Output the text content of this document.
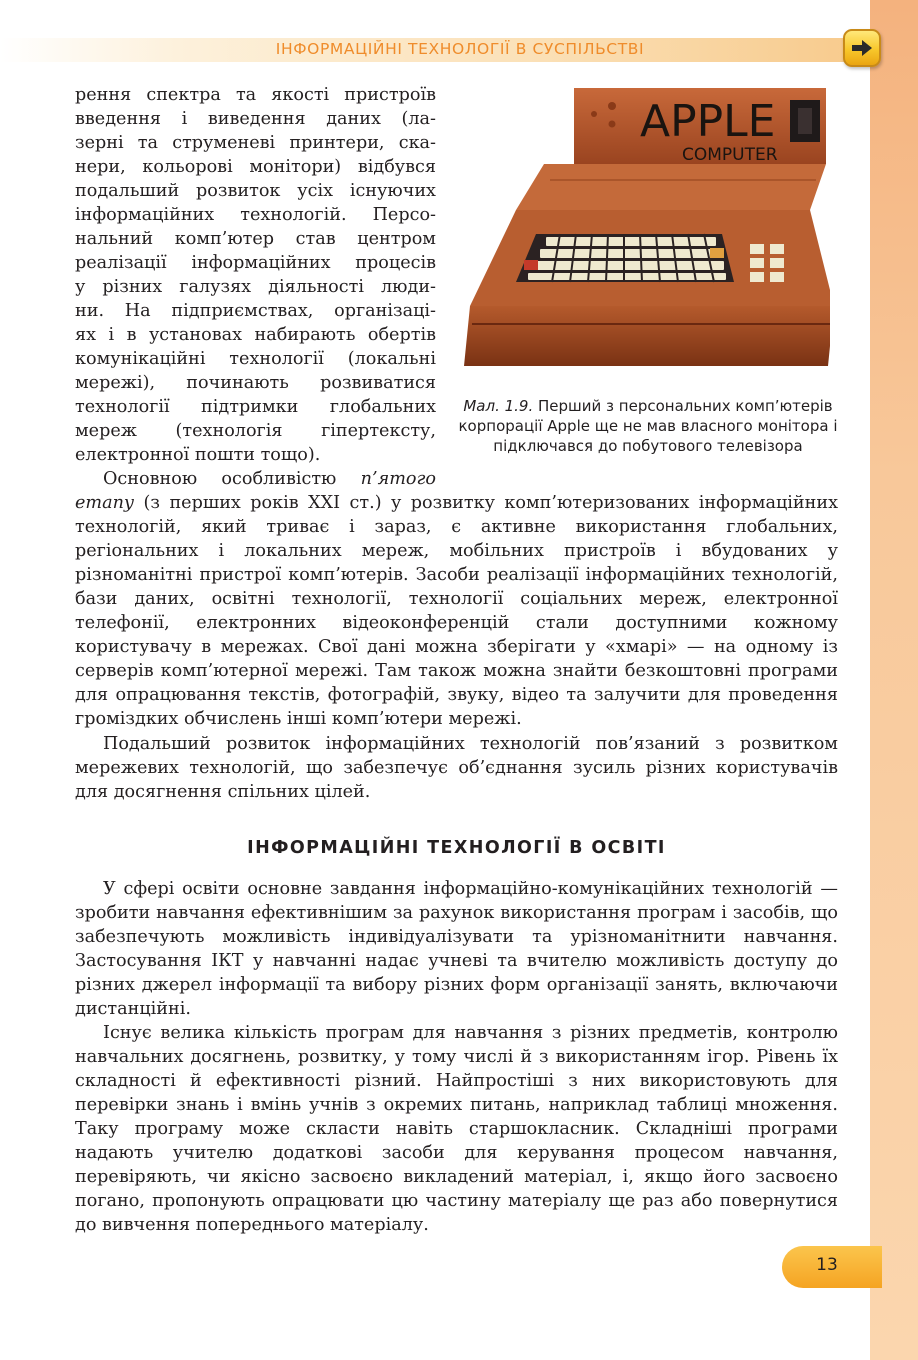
ІНФОРМАЦІЙНІ ТЕХНОЛОГІЇ В СУСПІЛЬСТВІ
рення спектра та якості пристроїв
введення і виведення даних (ла-
зерні та струменеві принтери, ска-
нери, кольорові монітори) відбувся
подальший розвиток усіх існуючих
інформаційних технологій. Персо-
нальний комп’ютер став центром
реалізації інформаційних процесів
у різних галузях діяльності люди-
ни. На підприємствах, організаці-
ях і в установах набирають обертів
комунікаційні технології (локальні
мережі), починають розвиватися
технології підтримки глобальних
мереж (технологія гіпертексту,
електронної пошти тощо).
Основною особливістю п’ятого

етапу (з перших років XXI ст.) у розвитку комп’ютеризованих інформаційних технологій, який триває і зараз, є активне використання глобальних, регіональних і локальних мереж, мобільних пристроїв і вбудованих у різноманітні пристрої комп’ютерів. Засоби реалізації інформаційних технологій, бази даних, освітні технології, технології соціальних мереж, електронної телефонії, електронних відеоконференцій стали доступними кожному користувачу в мережах. Свої дані можна зберігати у «хмарі» — на одному із серверів комп’ютерної мережі. Там також можна знайти безкоштовні програми для опрацювання текстів, фотографій, звуку, відео та залучити для проведення громіздких обчислень інші комп’ютери мережі.

Подальший розвиток інформаційних технологій пов’язаний з розвитком мережевих технологій, що забезпечує об’єднання зусиль різних користувачів для досягнення спільних цілей.

APPLE
COMPUTER

Мал. 1.9. Перший з персональних комп’ютерів корпорації Apple ще не мав власного монітора і підключався до побутового телевізора

ІНФОРМАЦІЙНІ ТЕХНОЛОГІЇ В ОСВІТІ

У сфері освіти основне завдання інформаційно-комунікаційних технологій — зробити навчання ефективнішим за рахунок використання програм і засобів, що забезпечують можливість індивідуалізувати та урізноманітнити навчання. Застосування ІКТ у навчанні надає учневі та вчителю можливість доступу до різних джерел інформації та вибору різних форм організації занять, включаючи дистанційні.

Існує велика кількість програм для навчання з різних предметів, контролю навчальних досягнень, розвитку, у тому числі й з використанням ігор. Рівень їх складності й ефективності різний. Найпростіші з них використовують для перевірки знань і вмінь учнів з окремих питань, наприклад таблиці множення. Таку програму може скласти навіть старшокласник. Складніші програми надають учителю додаткові засоби для керування процесом навчання, перевіряють, чи якісно засвоєно викладений матеріал, і, якщо його засвоєно погано, пропонують опрацювати цю частину матеріалу ще раз або повернутися до вивчення попереднього матеріалу.

13
